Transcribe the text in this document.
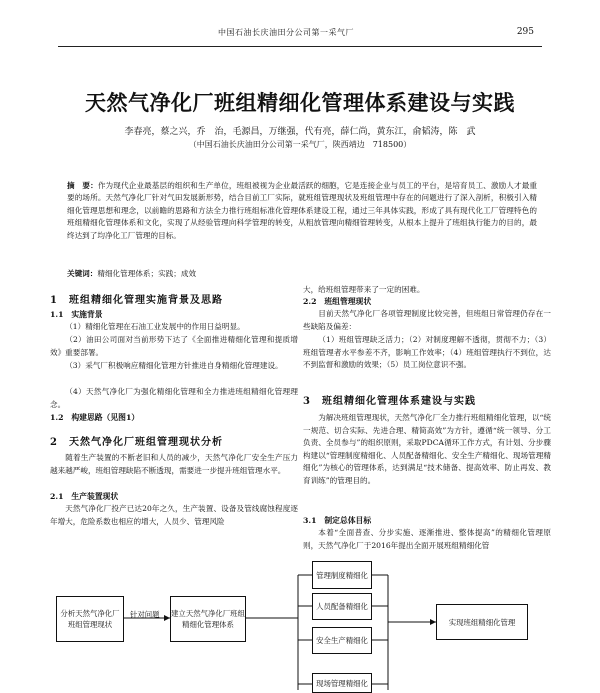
中国石油长庆油田分公司第一采气厂	295
天然气净化厂班组精细化管理体系建设与实践
李春亮，蔡之兴，乔　治，毛源昌，万继强，代有亮，薛仁尚，黄东江，俞韬涛，陈　武
（中国石油长庆油田分公司第一采气厂，陕西靖边　718500）
摘　要：作为现代企业最基层的组织和生产单位，班组被视为企业最活跃的细胞，它是连接企业与员工的平台，是培育员工、激励人才最重要的场所。天然气净化厂针对气田发展新形势，结合目前工厂实际，就班组管理现状及班组管理中存在的问题进行了深入剖析，积极引入精细化管理思想和理念，以前瞻的思路和方法全力推行班组标准化管理体系建设工程，通过三年具体实践，形成了具有现代化工厂管理特色的班组精细化管理体系和文化，实现了从经验管理向科学管理的转变，从粗放管理向精细管理转变，从根本上提升了班组执行能力的目的，最终达到了均净化工厂管理的目标。
关键词：精细化管理体系；实践；成效
1　班组精细化管理实施背景及思路
1.1　实施背景
（1）精细化管理在石油工业发展中的作用日益明显。
（2）油田公司面对当前形势下达了《全面推进精细化管理和提质增效》重要部署。
（3）采气厂积极响应精细化管理方针推进自身精细化管理建设。
（4）天然气净化厂为强化精细化管理和全力推进班组精细化管理理念。
1.2　构建思路（见图1）
2　天然气净化厂班组管理现状分析
随着生产装置的不断老旧和人员的减少，天然气净化厂安全生产压力越来越严峻，班组管理缺陷不断透现，需要进一步提升班组管理水平。
2.1　生产装置现状
天然气净化厂投产已达20年之久，生产装置、设备及管线腐蚀程度逐年增大，危险系数也相应的增大，人员少、管理风险
大，给班组管理带来了一定的困难。
2.2　班组管理现状
目前天然气净化厂各项管理制度比较完善，但班组日常管理仍存在一些缺陷及偏差：
（1）班组管理缺乏活力；（2）对制度理解不透彻，贯彻不力；（3）班组管理者水平参差不齐，影响工作效率；（4）班组管理执行不到位，达不到监督和激励的效果；（5）员工岗位意识不强。
3　班组精细化管理体系建设与实践
为解决班组管理现状，天然气净化厂全力推行班组精细化管理，以“统一规范、切合实际、先进合理、精简高效”为方针，遵循“统一领导、分工负责、全员参与”的组织原则，采取PDCA循环工作方式，有计划、分步骤构建以“管理制度精细化、人员配备精细化、安全生产精细化、现场管理精细化”为核心的管理体系，达到满足“技术储备、提高效率、防止再发、教育训练”的管理目的。
3.1　制定总体目标
本着“全面普查、分步实施、逐渐推进、整体提高”的精细化管理原则，天然气净化厂于2016年提出全面开展班组精细化管
分析天然气净化厂班组管理现状
针对问题 建立天然气净化厂班组精细化管理体系
管理制度精细化
人员配备精细化
安全生产精细化
现场管理精细化
实现班组精细化管理
